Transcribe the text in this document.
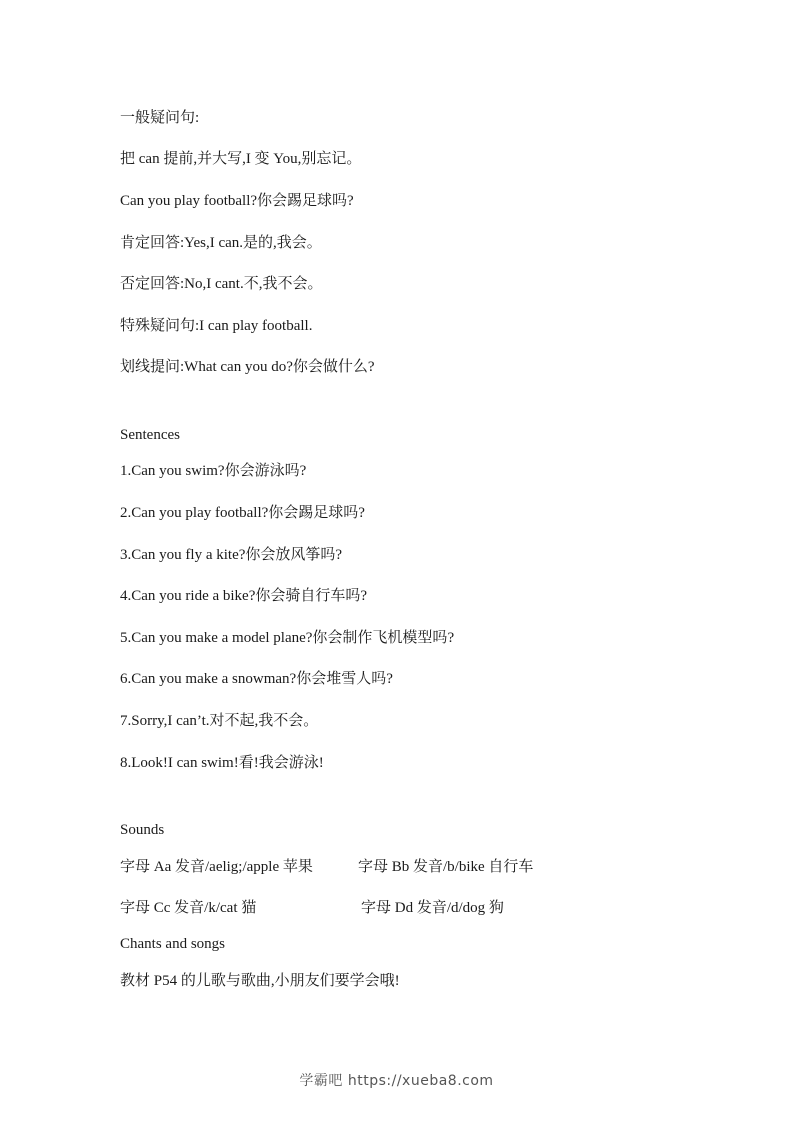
一般疑问句:
把 can 提前,并大写,I 变 You,别忘记。
Can you play football?你会踢足球吗?
肯定回答:Yes,I can.是的,我会。
否定回答:No,I cant.不,我不会。
特殊疑问句:I can play football.
划线提问:What can you do?你会做什么?
Sentences
1.Can you swim?你会游泳吗?
2.Can you play football?你会踢足球吗?
3.Can you fly a kite?你会放风筝吗?
4.Can you ride a bike?你会骑自行车吗?
5.Can you make a model plane?你会制作飞机模型吗?
6.Can you make a snowman?你会堆雪人吗?
7.Sorry,I can’t.对不起,我不会。
8.Look!I can swim!看!我会游泳!
Sounds
字母 Aa 发音/aelig;/apple 苹果	字母 Bb 发音/b/bike 自行车
字母 Cc 发音/k/cat 猫	字母 Dd 发音/d/dog 狗
Chants and songs
教材 P54 的儿歌与歌曲,小朋友们要学会哦!
学霸吧 https://xueba8.com
